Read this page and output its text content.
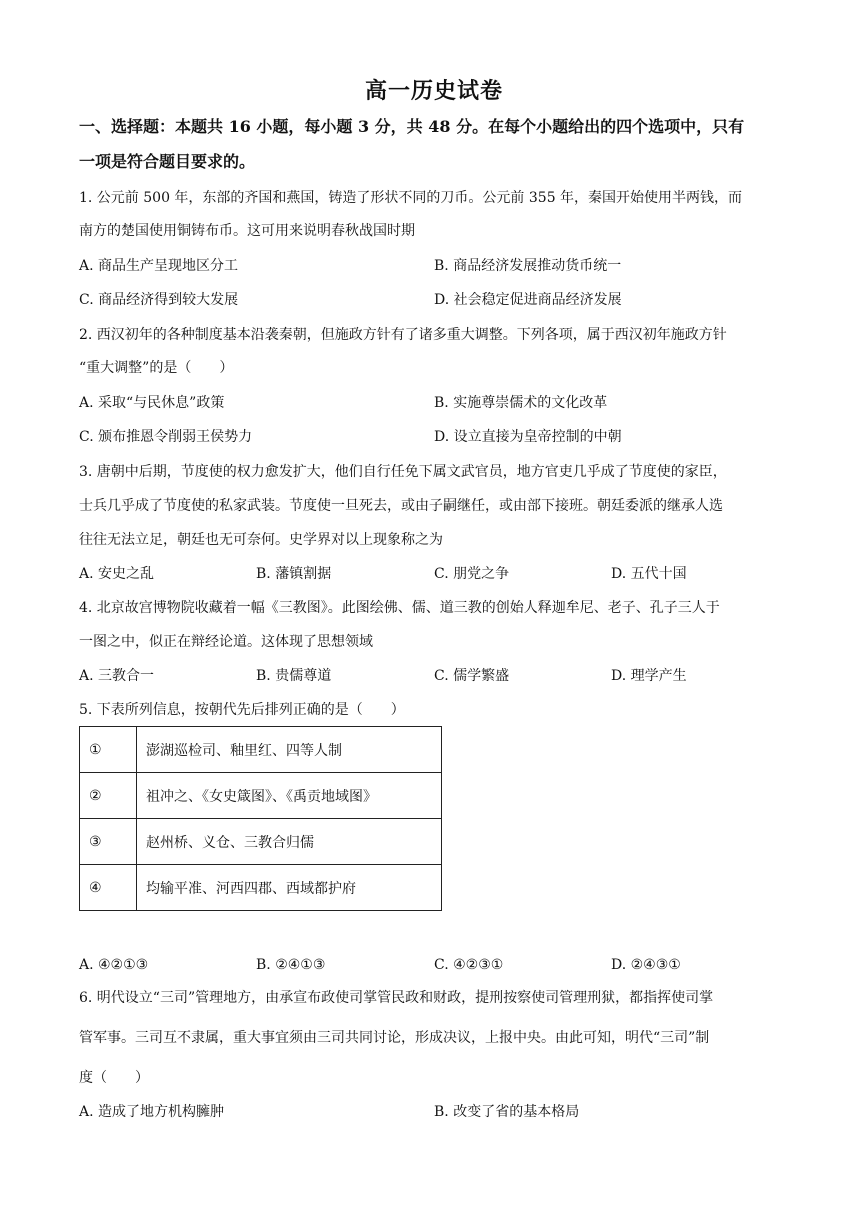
高一历史试卷
一、选择题：本题共 16 小题，每小题 3 分，共 48 分。在每个小题给出的四个选项中，只有
一项是符合题目要求的。
1. 公元前 500 年，东部的齐国和燕国，铸造了形状不同的刀币。公元前 355 年，秦国开始使用半两钱，而
南方的楚国使用铜铸布币。这可用来说明春秋战国时期
A. 商品生产呈现地区分工	B. 商品经济发展推动货币统一
C. 商品经济得到较大发展	D. 社会稳定促进商品经济发展
2. 西汉初年的各种制度基本沿袭秦朝，但施政方针有了诸多重大调整。下列各项，属于西汉初年施政方针
“重大调整”的是（　　）
A. 采取“与民休息”政策	B. 实施尊崇儒术的文化改革
C. 颁布推恩令削弱王侯势力	D. 设立直接为皇帝控制的中朝
3. 唐朝中后期，节度使的权力愈发扩大，他们自行任免下属文武官员，地方官吏几乎成了节度使的家臣，
士兵几乎成了节度使的私家武装。节度使一旦死去，或由子嗣继任，或由部下接班。朝廷委派的继承人选
往往无法立足，朝廷也无可奈何。史学界对以上现象称之为
A. 安史之乱	B. 藩镇割据	C. 朋党之争	D. 五代十国
4. 北京故宫博物院收藏着一幅《三教图》。此图绘佛、儒、道三教的创始人释迦牟尼、老子、孔子三人于
一图之中，似正在辩经论道。这体现了思想领域
A. 三教合一	B. 贵儒尊道	C. 儒学繁盛	D. 理学产生
5. 下表所列信息，按朝代先后排列正确的是（　　）
①	澎湖巡检司、釉里红、四等人制
②	祖冲之、《女史箴图》、《禹贡地域图》
③	赵州桥、义仓、三教合归儒
④	均输平准、河西四郡、西域都护府
A. ④②①③	B. ②④①③	C. ④②③①	D. ②④③①
6. 明代设立“三司”管理地方，由承宣布政使司掌管民政和财政，提刑按察使司管理刑狱，都指挥使司掌
管军事。三司互不隶属，重大事宜须由三司共同讨论，形成决议，上报中央。由此可知，明代“三司”制
度（　　）
A. 造成了地方机构臃肿	B. 改变了省的基本格局
